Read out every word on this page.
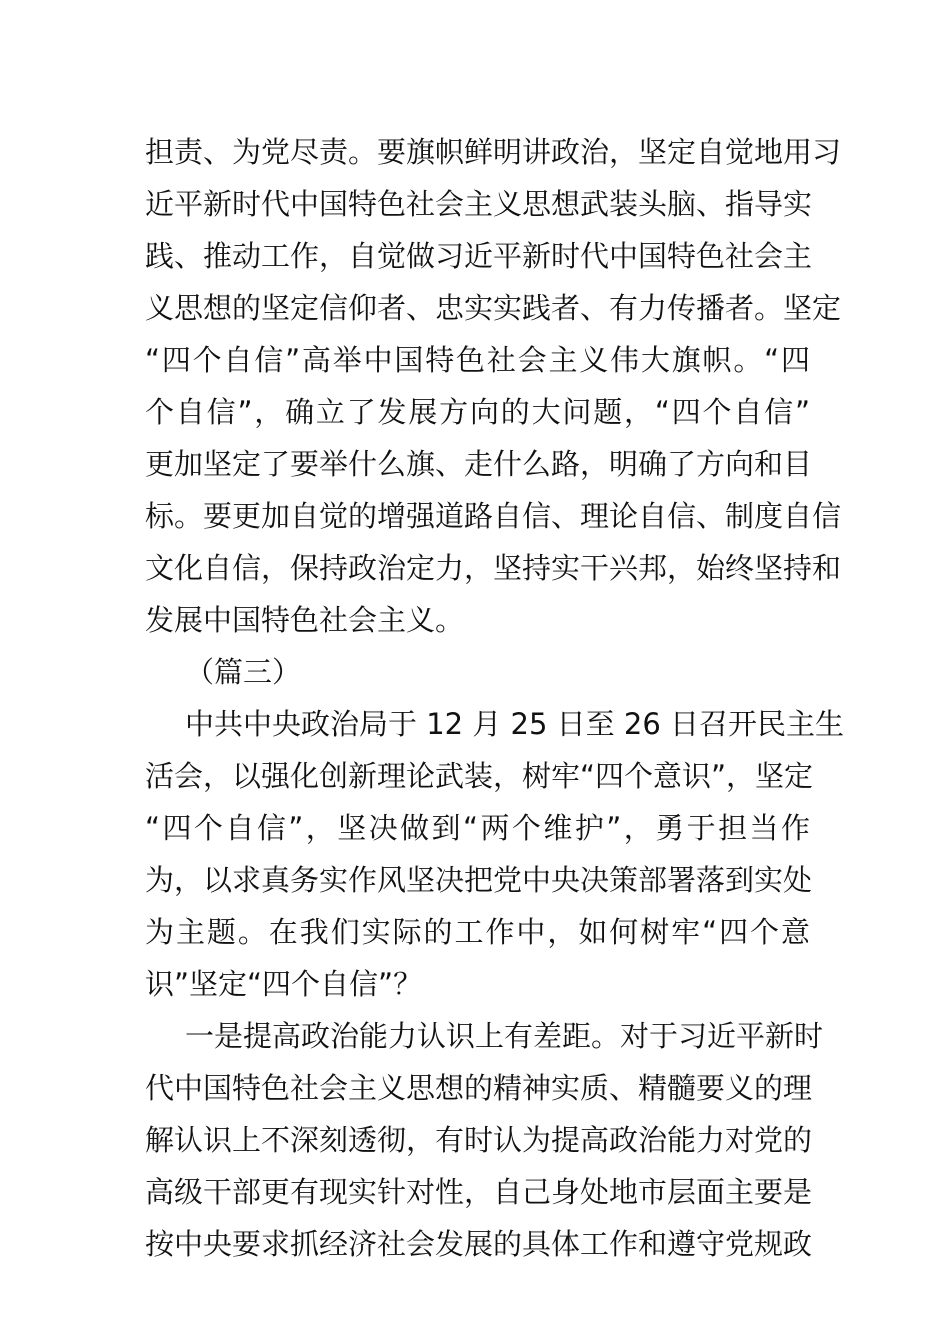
担责、为党尽责。要旗帜鲜明讲政治，坚定自觉地用习
近平新时代中国特色社会主义思想武装头脑、指导实
践、推动工作，自觉做习近平新时代中国特色社会主
义思想的坚定信仰者、忠实实践者、有力传播者。坚定
“四个自信”高举中国特色社会主义伟大旗帜。“四
个自信”，确立了发展方向的大问题，“四个自信”
更加坚定了要举什么旗、走什么路，明确了方向和目
标。要更加自觉的增强道路自信、理论自信、制度自信
文化自信，保持政治定力，坚持实干兴邦，始终坚持和
发展中国特色社会主义。
（篇三）
中共中央政治局于 12 月 25 日至 26 日召开民主生
活会，以强化创新理论武装，树牢“四个意识”，坚定
“四个自信”，坚决做到“两个维护”，勇于担当作
为，以求真务实作风坚决把党中央决策部署落到实处
为主题。在我们实际的工作中，如何树牢“四个意
识”坚定“四个自信”？
一是提高政治能力认识上有差距。对于习近平新时
代中国特色社会主义思想的精神实质、精髓要义的理
解认识上不深刻透彻，有时认为提高政治能力对党的
高级干部更有现实针对性，自己身处地市层面主要是
按中央要求抓经济社会发展的具体工作和遵守党规政
